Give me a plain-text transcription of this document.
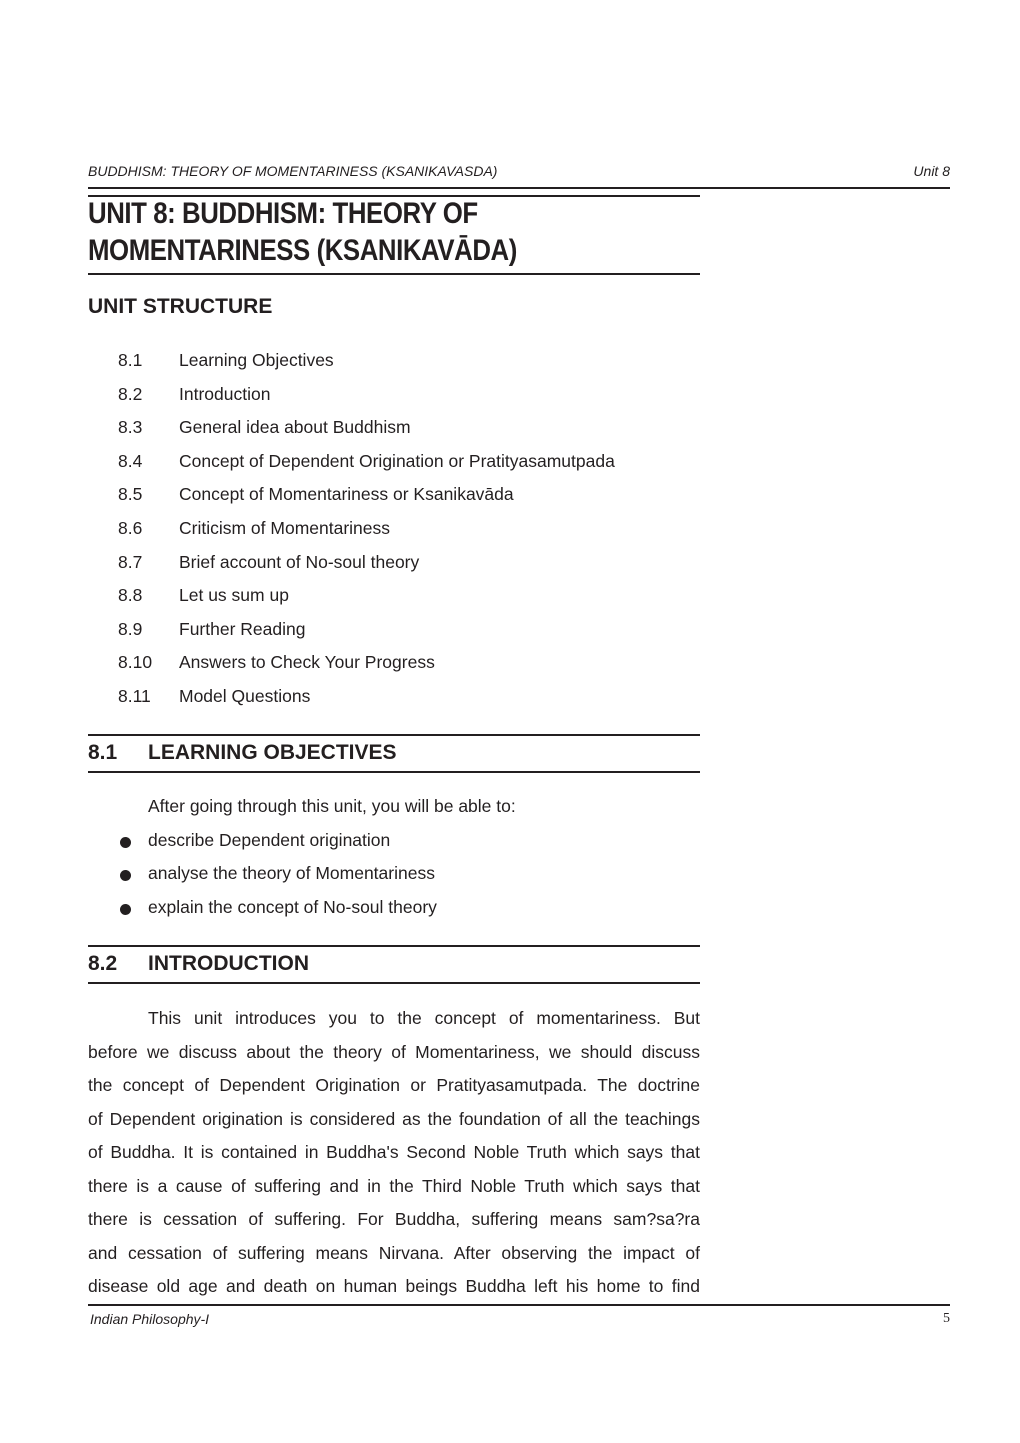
BUDDHISM: THEORY OF MOMENTARINESS (KSANIKAVASDA)	Unit 8
UNIT 8: BUDDHISM: THEORY OF
MOMENTARINESS (KSANIKAVĀDA)
UNIT STRUCTURE
8.1	Learning Objectives
8.2	Introduction
8.3	General idea about Buddhism
8.4	Concept of Dependent Origination or Pratityasamutpada
8.5	Concept of Momentariness or Ksanikavāda
8.6	Criticism of Momentariness
8.7	Brief account of No-soul theory
8.8	Let us sum up
8.9	Further Reading
8.10	Answers to Check Your Progress
8.11	Model Questions
8.1 LEARNING OBJECTIVES
After going through this unit, you will be able to:
describe Dependent origination
analyse the theory of Momentariness
explain the concept of No-soul theory
8.2 INTRODUCTION
This unit introduces you to the concept of momentariness. But
before we discuss about the theory of Momentariness, we should discuss
the concept of Dependent Origination or Pratityasamutpada. The doctrine
of Dependent origination is considered as the foundation of all the teachings
of Buddha. It is contained in Buddha's Second Noble Truth which says that
there is a cause of suffering and in the Third Noble Truth which says that
there is cessation of suffering. For Buddha, suffering means sam?sa?ra
and cessation of suffering means Nirvana. After observing the impact of
disease old age and death on human beings Buddha left his home to find
Indian Philosophy-I	5
